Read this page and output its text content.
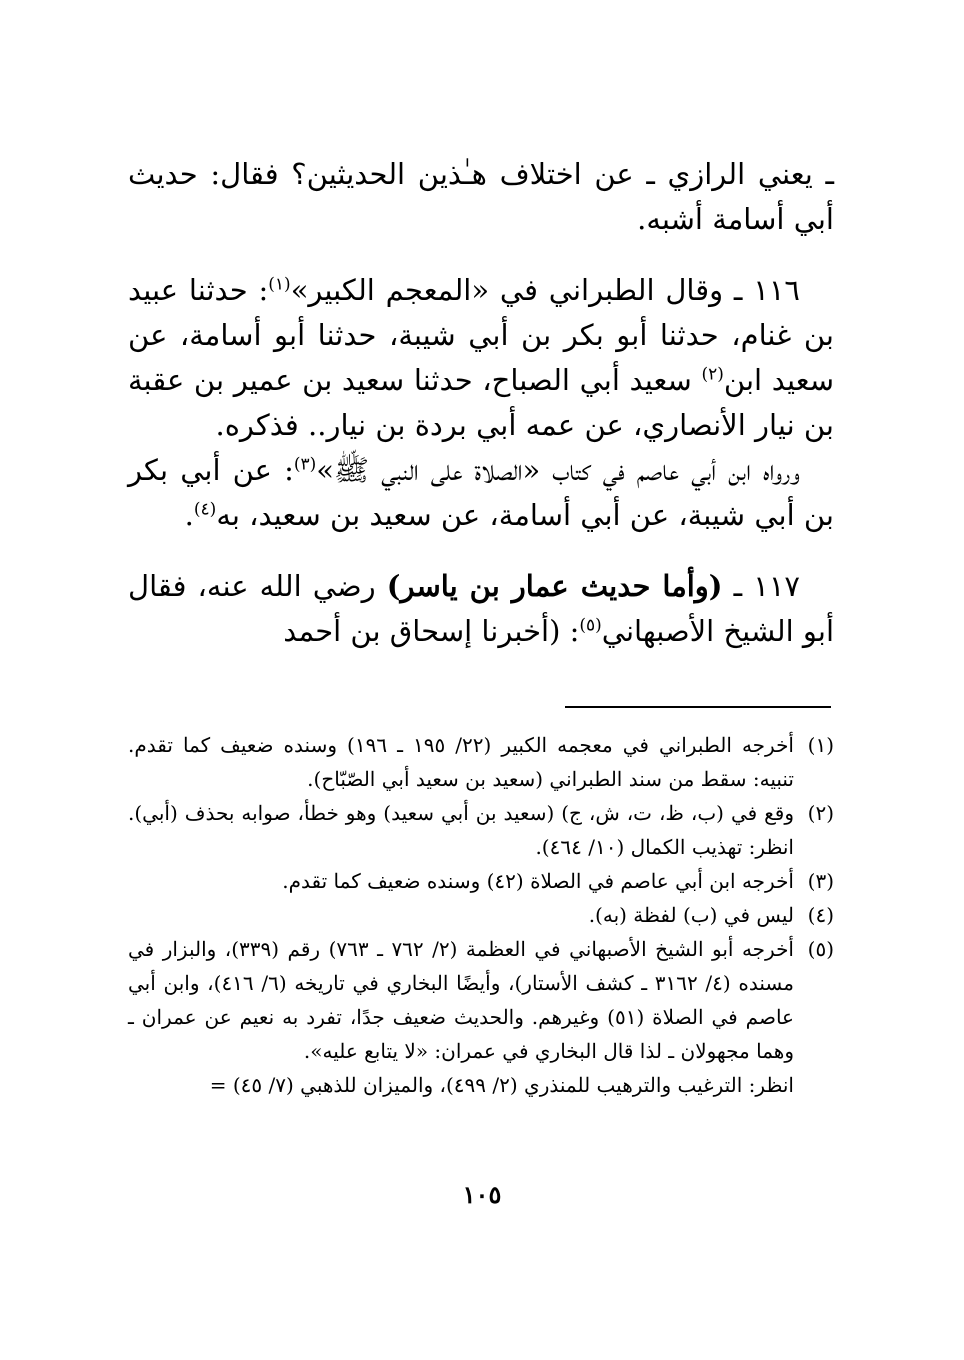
ـ يعني الرازي ـ عن اختلاف هـٰذين الحديثين؟ فقال: حديث أبي أسامة أشبه.

١١٦ ـ وقال الطبراني في «المعجم الكبير»$^{(١)}$: حدثنا عبيد بن غنام، حدثنا أبو بكر بن أبي شيبة، حدثنا أبو أسامة، عن سعيد ابن$^{(٢)}$ سعيد أبي الصباح، حدثنا سعيد بن عمير بن عقبة بن نيار الأنصاري، عن عمه أبي بردة بن نيار.. فذكره.

ورواه ابن أبي عاصم في كتاب «الصلاة على النبي ﷺ»$^{(٣)}$: عن أبي بكر بن أبي شيبة، عن أبي أسامة، عن سعيد بن سعيد، به$^{(٤)}$.

١١٧ ـ (وأما حديث عمار بن ياسر) رضي الله عنه، فقال أبو الشيخ الأصبهاني$^{(٥)}$: (أخبرنا إسحاق بن أحمد

(١)
أخرجه الطبراني في معجمه الكبير (٢٢/ ١٩٥ ـ ١٩٦) وسنده ضعيف كما تقدم. تنبيه: سقط من سند الطبراني (سعيد بن سعيد أبي الصّبّاح).
(٢)
وقع في (ب، ظ، ت، ش، ج) (سعيد بن أبي سعيد) وهو خطأ، صوابه بحذف (أبي). انظر: تهذيب الكمال (١٠/ ٤٦٤).
(٣)
أخرجه ابن أبي عاصم في الصلاة (٤٢) وسنده ضعيف كما تقدم.
(٤)
ليس في (ب) لفظة (به).
(٥)
أخرجه أبو الشيخ الأصبهاني في العظمة (٢/ ٧٦٢ ـ ٧٦٣) رقم (٣٣٩)، والبزار في مسنده (٤/ ٣١٦٢ ـ كشف الأستار)، وأيضًا البخاري في تاريخه (٦/ ٤١٦)، وابن أبي عاصم في الصلاة (٥١) وغيرهم. والحديث ضعيف جدًا، تفرد به نعيم عن عمران ـ وهما مجهولان ـ لذا قال البخاري في عمران: «لا يتابع عليه».
انظر: الترغيب والترهيب للمنذري (٢/ ٤٩٩)، والميزان للذهبي (٧/ ٤٥) =
١٠٥
